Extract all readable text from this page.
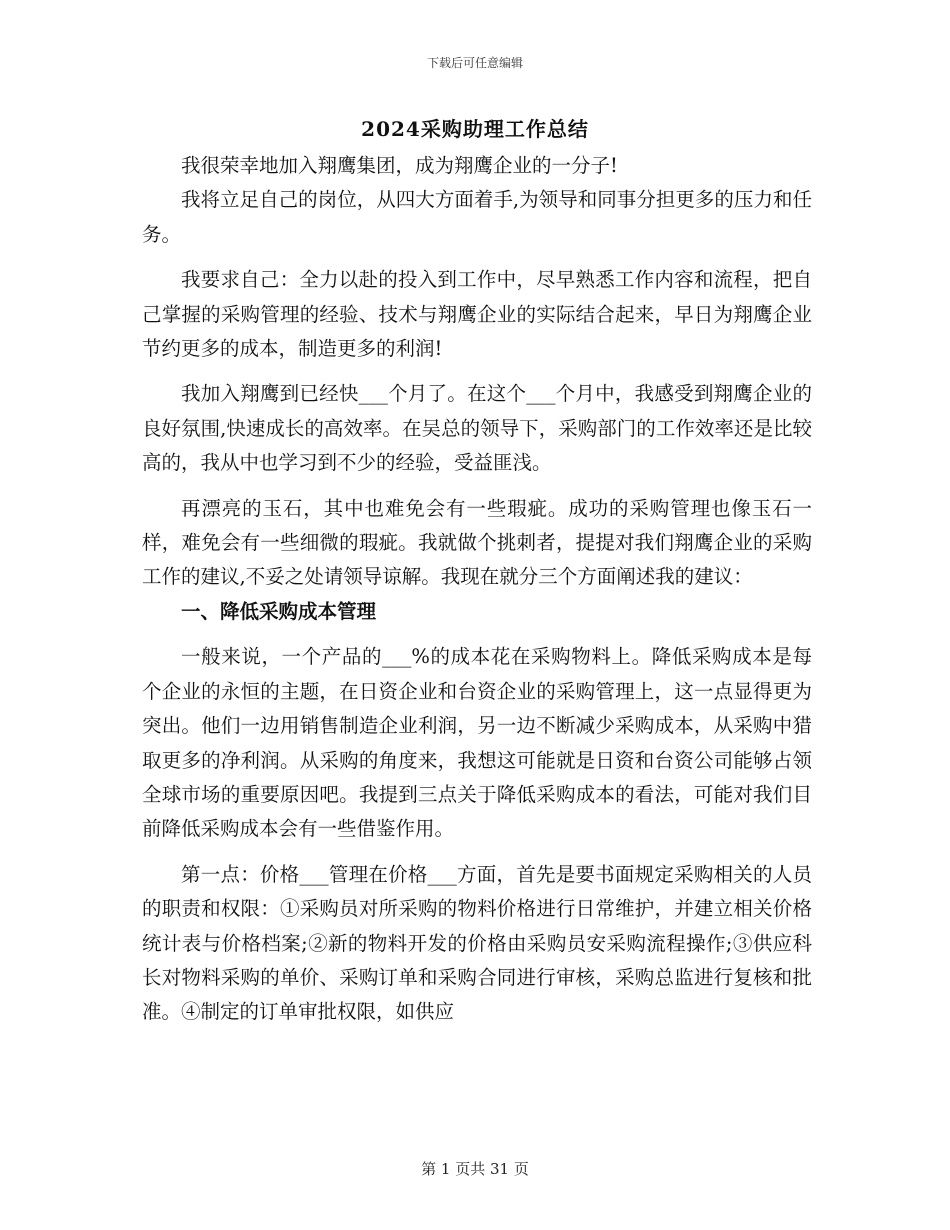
下载后可任意编辑
2024采购助理工作总结

我很荣幸地加入翔鹰集团，成为翔鹰企业的一分子!

我将立足自己的岗位，从四大方面着手,为领导和同事分担更多的压力和任务。

我要求自己：全力以赴的投入到工作中，尽早熟悉工作内容和流程，把自己掌握的采购管理的经验、技术与翔鹰企业的实际结合起来，早日为翔鹰企业节约更多的成本，制造更多的利润!

我加入翔鹰到已经快___个月了。在这个___个月中，我感受到翔鹰企业的良好氛围,快速成长的高效率。在吴总的领导下，采购部门的工作效率还是比较高的，我从中也学习到不少的经验，受益匪浅。

再漂亮的玉石，其中也难免会有一些瑕疵。成功的采购管理也像玉石一样，难免会有一些细微的瑕疵。我就做个挑刺者，提提对我们翔鹰企业的采购工作的建议,不妥之处请领导谅解。我现在就分三个方面阐述我的建议：

一、降低采购成本管理

一般来说，一个产品的___%的成本花在采购物料上。降低采购成本是每个企业的永恒的主题，在日资企业和台资企业的采购管理上，这一点显得更为突出。他们一边用销售制造企业利润，另一边不断减少采购成本，从采购中猎取更多的净利润。从采购的角度来，我想这可能就是日资和台资公司能够占领全球市场的重要原因吧。我提到三点关于降低采购成本的看法，可能对我们目前降低采购成本会有一些借鉴作用。

第一点：价格___管理在价格___方面，首先是要书面规定采购相关的人员的职责和权限：①采购员对所采购的物料价格进行日常维护，并建立相关价格统计表与价格档案;②新的物料开发的价格由采购员安采购流程操作;③供应科长对物料采购的单价、采购订单和采购合同进行审核，采购总监进行复核和批准。④制定的订单审批权限，如供应

第 1 页共 31 页
